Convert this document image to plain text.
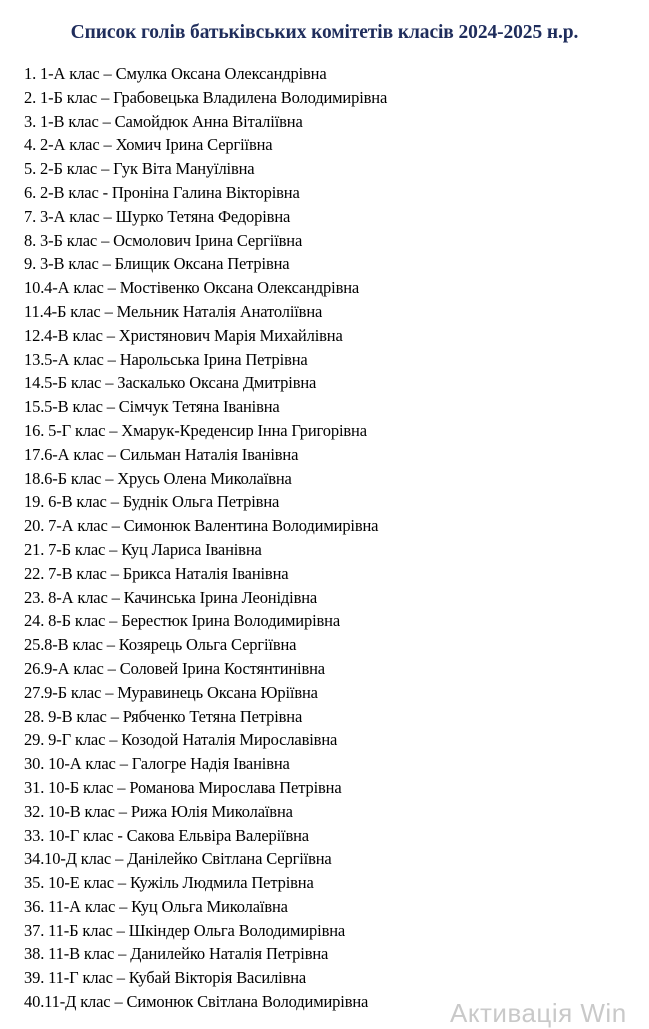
Список голів батьківських комітетів класів 2024-2025 н.р.
1. 1-А клас – Смулка Оксана Олександрівна
2. 1-Б клас – Грабовецька Владилена Володимирівна
3. 1-В клас – Самойдюк Анна Віталіївна
4. 2-А клас – Хомич Ірина Сергіївна
5. 2-Б клас – Гук Віта Мануїлівна
6. 2-В клас - Проніна Галина Вікторівна
7. 3-А клас – Шурко Тетяна Федорівна
8. 3-Б клас – Осмолович Ірина Сергіївна
9. 3-В клас – Блищик Оксана Петрівна
10.4-А клас – Мостівенко Оксана Олександрівна
11.4-Б клас – Мельник Наталія Анатоліївна
12.4-В клас – Христянович Марія Михайлівна
13.5-А клас – Нарольська Ірина Петрівна
14.5-Б клас – Заскалько Оксана Дмитрівна
15.5-В клас – Сімчук Тетяна Іванівна
16. 5-Г клас – Хмарук-Креденсир Інна Григорівна
17.6-А клас – Сильман Наталія Іванівна
18.6-Б клас – Хрусь Олена Миколаївна
19. 6-В клас – Буднік Ольга Петрівна
20. 7-А клас – Симонюк Валентина Володимирівна
21. 7-Б клас – Куц Лариса Іванівна
22. 7-В клас – Брикса Наталія Іванівна
23. 8-А клас – Качинська Ірина Леонідівна
24. 8-Б клас – Берестюк Ірина Володимирівна
25.8-В клас – Козярець Ольга Сергіївна
26.9-А клас – Соловей Ірина Костянтинівна
27.9-Б клас – Муравинець Оксана Юріївна
28. 9-В клас – Рябченко Тетяна Петрівна
29. 9-Г клас – Козодой Наталія Мирославівна
30. 10-А клас – Галогре Надія Іванівна
31. 10-Б клас – Романова Мирослава Петрівна
32. 10-В клас – Рижа Юлія Миколаївна
33. 10-Г клас - Сакова Ельвіра Валеріївна
34.10-Д клас – Данілейко Світлана Сергіївна
35. 10-Е клас – Кужіль Людмила Петрівна
36. 11-А клас – Куц Ольга Миколаївна
37. 11-Б клас – Шкіндер Ольга Володимирівна
38. 11-В клас – Данилейко Наталія Петрівна
39. 11-Г клас – Кубай Вікторія Василівна
40.11-Д клас – Симонюк Світлана Володимирівна	Активація Win
